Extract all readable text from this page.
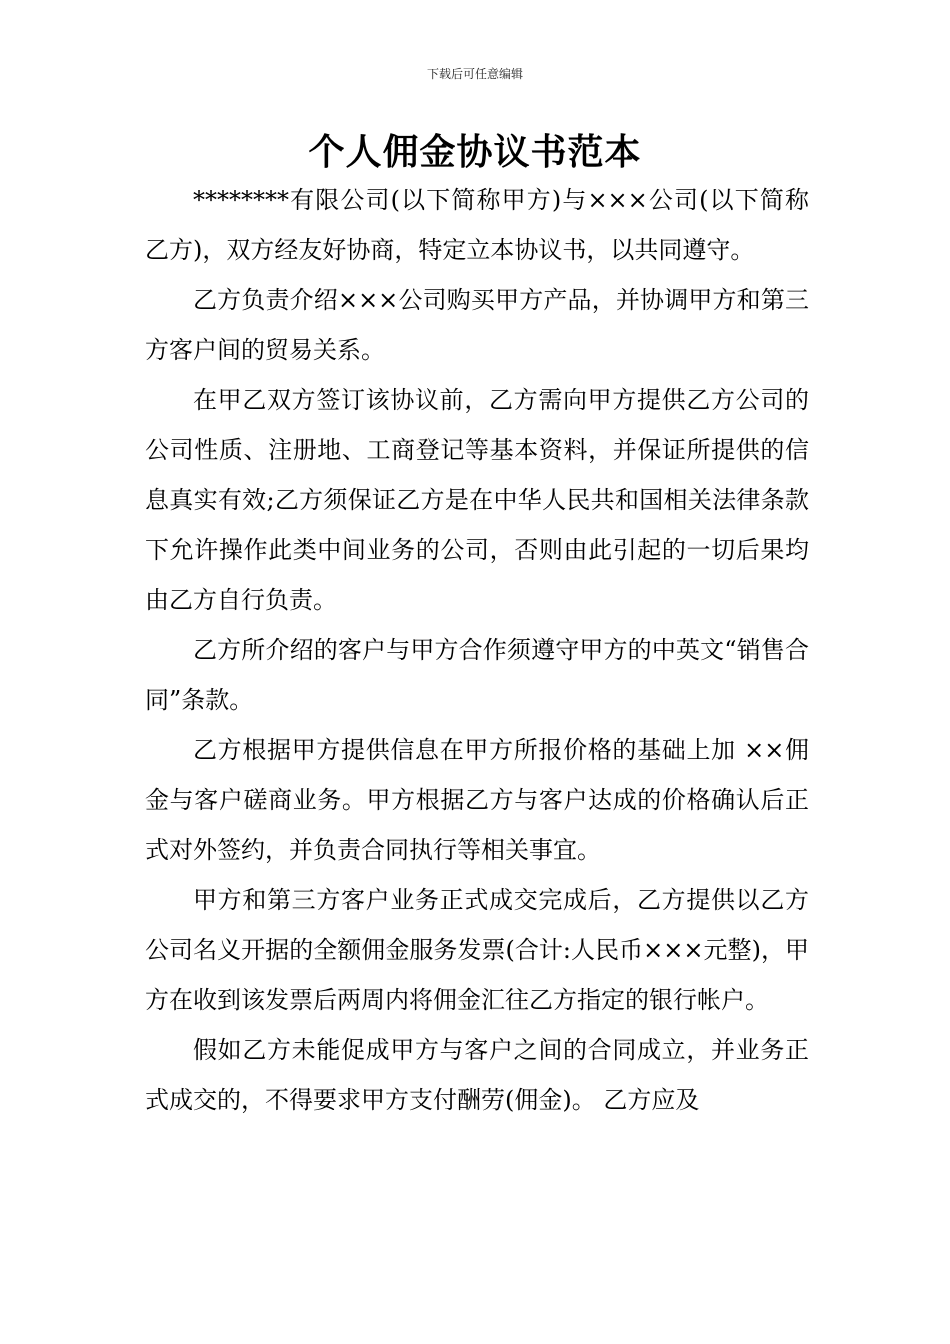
下载后可任意编辑
个人佣金协议书范本

********有限公司(以下简称甲方)与×××公司(以下简称乙方)，双方经友好协商，特定立本协议书，以共同遵守。

乙方负责介绍×××公司购买甲方产品，并协调甲方和第三方客户间的贸易关系。

在甲乙双方签订该协议前，乙方需向甲方提供乙方公司的公司性质、注册地、工商登记等基本资料，并保证所提供的信息真实有效;乙方须保证乙方是在中华人民共和国相关法律条款下允许操作此类中间业务的公司，否则由此引起的一切后果均由乙方自行负责。

乙方所介绍的客户与甲方合作须遵守甲方的中英文“销售合同”条款。

乙方根据甲方提供信息在甲方所报价格的基础上加 ××佣金与客户磋商业务。甲方根据乙方与客户达成的价格确认后正式对外签约，并负责合同执行等相关事宜。

甲方和第三方客户业务正式成交完成后，乙方提供以乙方公司名义开据的全额佣金服务发票(合计:人民币×××元整)，甲方在收到该发票后两周内将佣金汇往乙方指定的银行帐户。

假如乙方未能促成甲方与客户之间的合同成立，并业务正式成交的，不得要求甲方支付酬劳(佣金)。 乙方应及
